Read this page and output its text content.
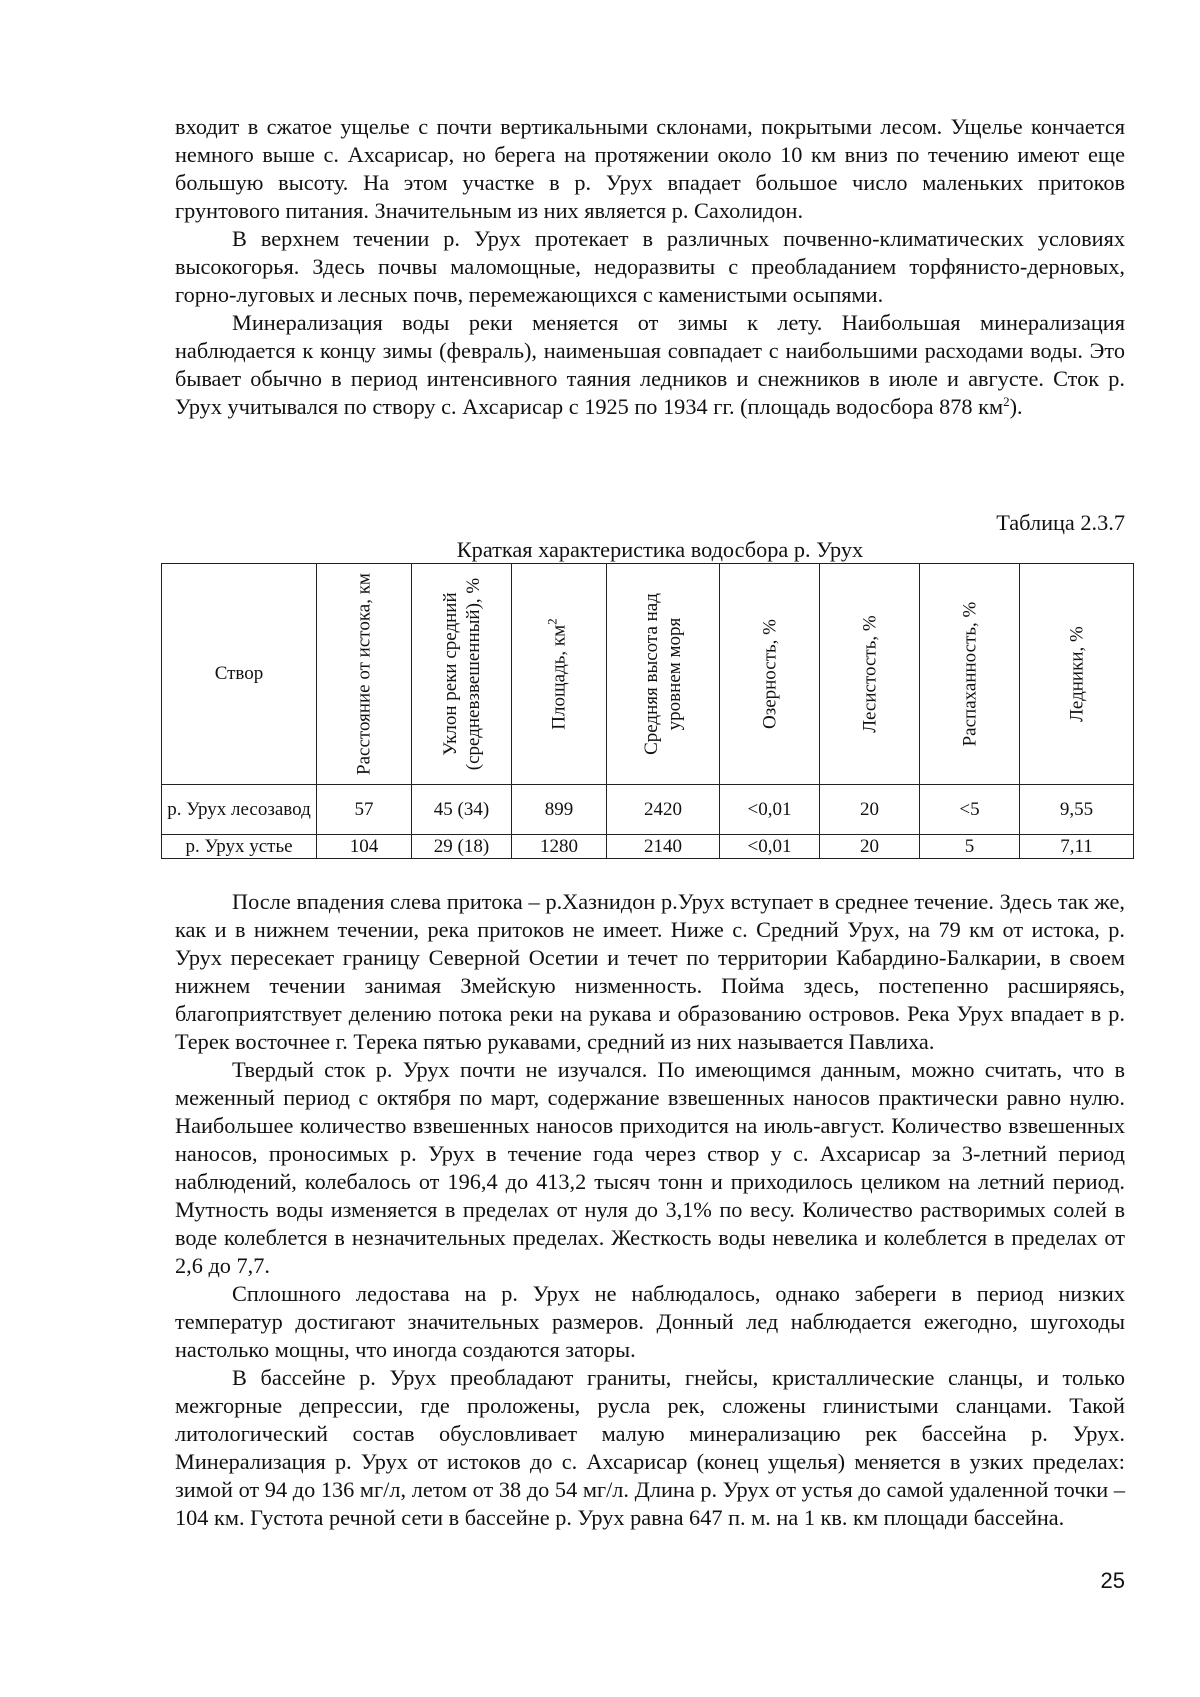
входит в сжатое ущелье с почти вертикальными склонами, покрытыми лесом. Ущелье кончается немного выше с. Ахсарисар, но берега на протяжении около 10 км вниз по течению имеют еще большую высоту. На этом участке в р. Урух впадает большое число маленьких притоков грунтового питания. Значительным из них является р. Сахолидон.

В верхнем течении р. Урух протекает в различных почвенно-климатических условиях высокогорья. Здесь почвы маломощные, недоразвиты с преобладанием торфянисто-дерновых, горно-луговых и лесных почв, перемежающихся с каменистыми осыпями.

Минерализация воды реки меняется от зимы к лету. Наибольшая минерализация наблюдается к концу зимы (февраль), наименьшая совпадает с наибольшими расходами воды. Это бывает обычно в период интенсивного таяния ледников и снежников в июле и августе. Сток р. Урух учитывался по створу с. Ахсарисар с 1925 по 1934 гг. (площадь водосбора 878 $км^2$).

Таблица 2.3.7
Краткая характеристика водосбора р. Урух
Створ	Расстояние от истока, км	Уклон реки средний (средневзвешенный), %	Площадь, $км^2$	Средняя высота над уровнем моря	Озерность, %	Лесистость, %	Распаханность, %	Ледники, %

р. Урух лесозавод	57	45 (34)	899	2420	<0,01	20	<5	9,55
р. Урух устье	104	29 (18)	1280	2140	<0,01	20	5	7,11

После впадения слева притока – р.Хазнидон р.Урух вступает в среднее течение. Здесь так же, как и в нижнем течении, река притоков не имеет. Ниже с. Средний Урух, на 79 км от истока, р. Урух пересекает границу Северной Осетии и течет по территории Кабардино-Балкарии, в своем нижнем течении занимая Змейскую низменность. Пойма здесь, постепенно расширяясь, благоприятствует делению потока реки на рукава и образованию островов. Река Урух впадает в р. Терек восточнее г. Терека пятью рукавами, средний из них называется Павлиха.

Твердый сток р. Урух почти не изучался. По имеющимся данным, можно считать, что в меженный период с октября по март, содержание взвешенных наносов практически равно нулю. Наибольшее количество взвешенных наносов приходится на июль-август. Количество взвешенных наносов, проносимых р. Урух в течение года через створ у с. Ахсарисар за 3-летний период наблюдений, колебалось от 196,4 до 413,2 тысяч тонн и приходилось целиком на летний период. Мутность воды изменяется в пределах от нуля до 3,1% по весу. Количество растворимых солей в воде колеблется в незначительных пределах. Жесткость воды невелика и колеблется в пределах от 2,6 до 7,7.

Сплошного ледостава на р. Урух не наблюдалось, однако забереги в период низких температур достигают значительных размеров. Донный лед наблюдается ежегодно, шугоходы настолько мощны, что иногда создаются заторы.

В бассейне р. Урух преобладают граниты, гнейсы, кристаллические сланцы, и только межгорные депрессии, где проложены, русла рек, сложены глинистыми сланцами. Такой литологический состав обусловливает малую минерализацию рек бассейна р. Урух. Минерализация р. Урух от истоков до с. Ахсарисар (конец ущелья) меняется в узких пределах: зимой от 94 до 136 мг/л, летом от 38 до 54 мг/л. Длина р. Урух от устья до самой удаленной точки – 104 км. Густота речной сети в бассейне р. Урух равна 647 п. м. на 1 кв. км площади бассейна.

25
